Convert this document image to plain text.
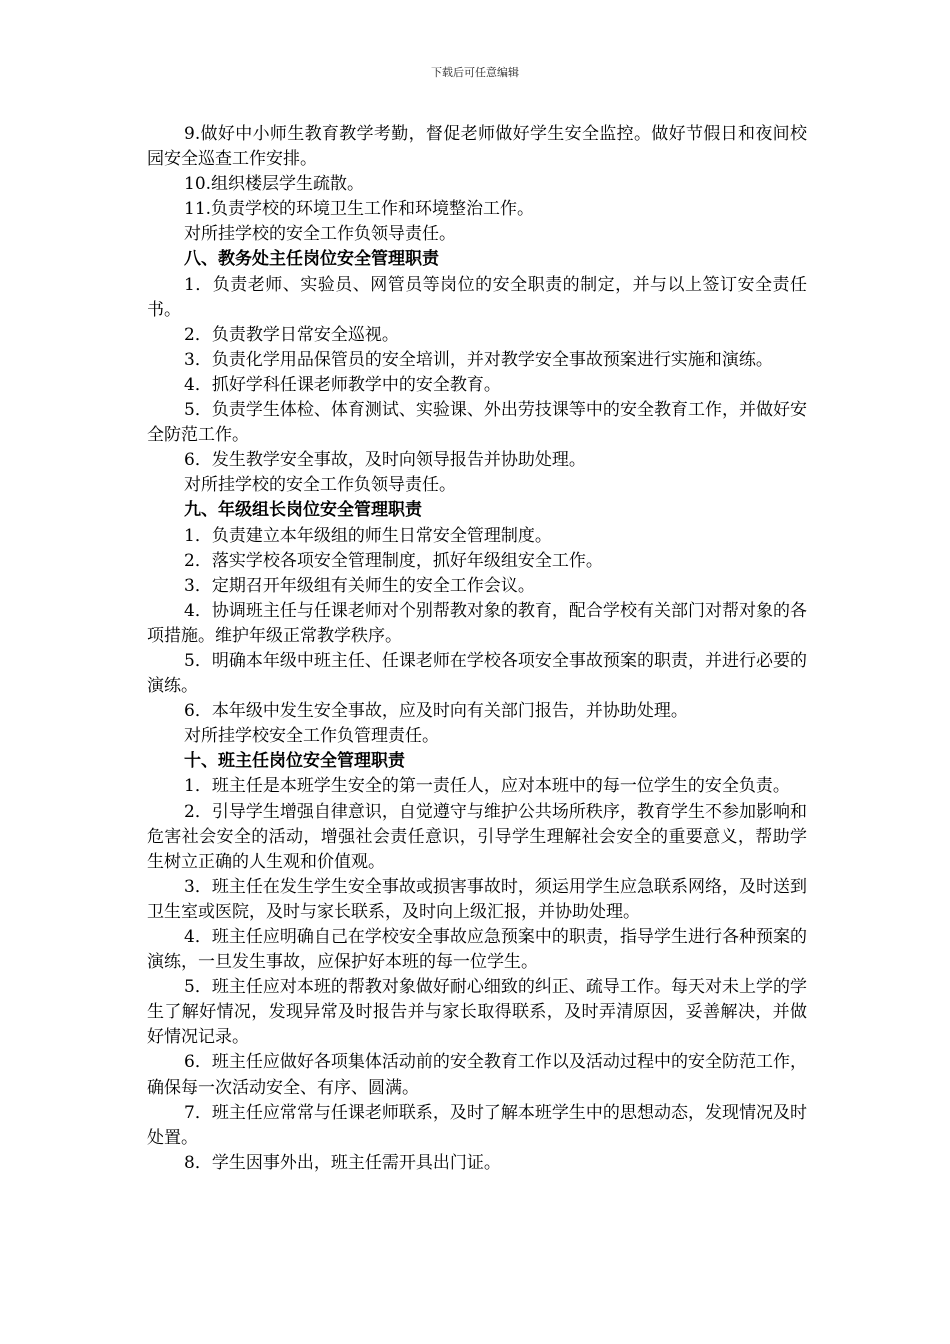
下载后可任意编辑

9.做好中小师生教育教学考勤，督促老师做好学生安全监控。做好节假日和夜间校园安全巡查工作安排。

10.组织楼层学生疏散。

11.负责学校的环境卫生工作和环境整治工作。

对所挂学校的安全工作负领导责任。

八、教务处主任岗位安全管理职责

1．负责老师、实验员、网管员等岗位的安全职责的制定，并与以上签订安全责任书。

2．负责教学日常安全巡视。

3．负责化学用品保管员的安全培训，并对教学安全事故预案进行实施和演练。

4．抓好学科任课老师教学中的安全教育。

5．负责学生体检、体育测试、实验课、外出劳技课等中的安全教育工作，并做好安全防范工作。

6．发生教学安全事故，及时向领导报告并协助处理。

对所挂学校的安全工作负领导责任。

九、年级组长岗位安全管理职责

1．负责建立本年级组的师生日常安全管理制度。

2．落实学校各项安全管理制度，抓好年级组安全工作。

3．定期召开年级组有关师生的安全工作会议。

4．协调班主任与任课老师对个别帮教对象的教育，配合学校有关部门对帮对象的各项措施。维护年级正常教学秩序。

5．明确本年级中班主任、任课老师在学校各项安全事故预案的职责，并进行必要的演练。

6．本年级中发生安全事故，应及时向有关部门报告，并协助处理。

对所挂学校安全工作负管理责任。

十、班主任岗位安全管理职责

1．班主任是本班学生安全的第一责任人，应对本班中的每一位学生的安全负责。

2．引导学生增强自律意识，自觉遵守与维护公共场所秩序，教育学生不参加影响和危害社会安全的活动，增强社会责任意识，引导学生理解社会安全的重要意义，帮助学生树立正确的人生观和价值观。

3．班主任在发生学生安全事故或损害事故时，须运用学生应急联系网络，及时送到卫生室或医院，及时与家长联系，及时向上级汇报，并协助处理。

4．班主任应明确自己在学校安全事故应急预案中的职责，指导学生进行各种预案的演练，一旦发生事故，应保护好本班的每一位学生。

5．班主任应对本班的帮教对象做好耐心细致的纠正、疏导工作。每天对未上学的学生了解好情况，发现异常及时报告并与家长取得联系，及时弄清原因，妥善解决，并做好情况记录。

6．班主任应做好各项集体活动前的安全教育工作以及活动过程中的安全防范工作，确保每一次活动安全、有序、圆满。

7．班主任应常常与任课老师联系，及时了解本班学生中的思想动态，发现情况及时处置。

8．学生因事外出，班主任需开具出门证。
